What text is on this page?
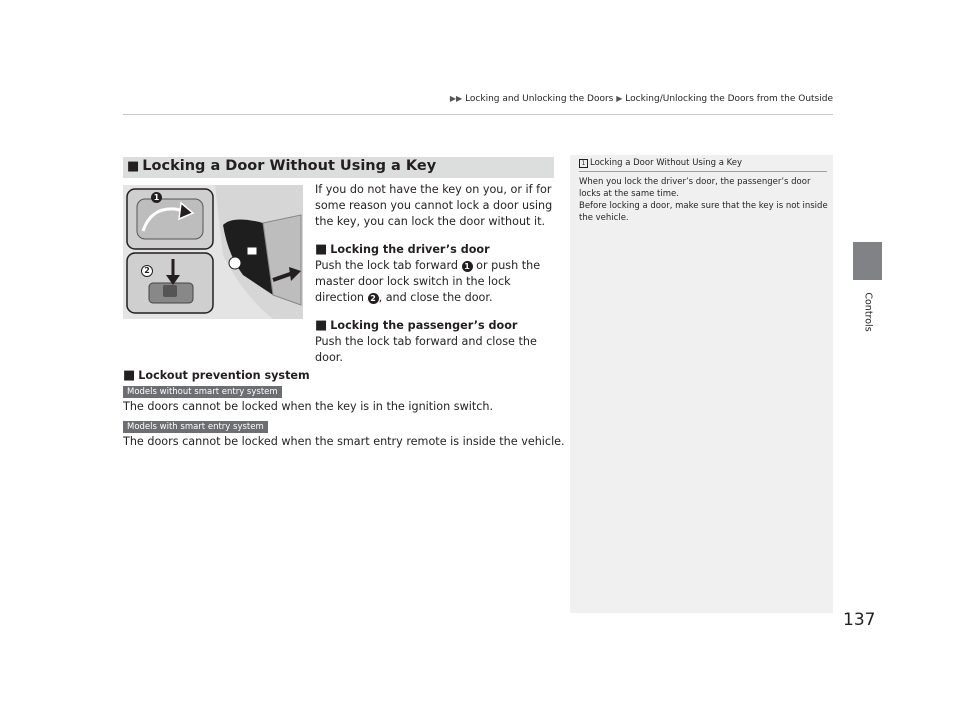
▶▶ Locking and Unlocking the Doors ▶ Locking/Unlocking the Doors from the Outside
Controls
137
■ Locking a Door Without Using a Key
1
2

If you do not have the key on you, or if for some reason you cannot lock a door using the key, you can lock the door without it.

■ Locking the driver’s door

Push the lock tab forward 1 or push the master door lock switch in the lock direction 2 , and close the door.

■ Locking the passenger’s door

Push the lock tab forward and close the door.

■ Lockout prevention system
Models without smart entry system
The doors cannot be locked when the key is in the ignition switch.
Models with smart entry system
The doors cannot be locked when the smart entry remote is inside the vehicle.
1 Locking a Door Without Using a Key

When you lock the driver’s door, the passenger’s door locks at the same time.

Before locking a door, make sure that the key is not inside the vehicle.
